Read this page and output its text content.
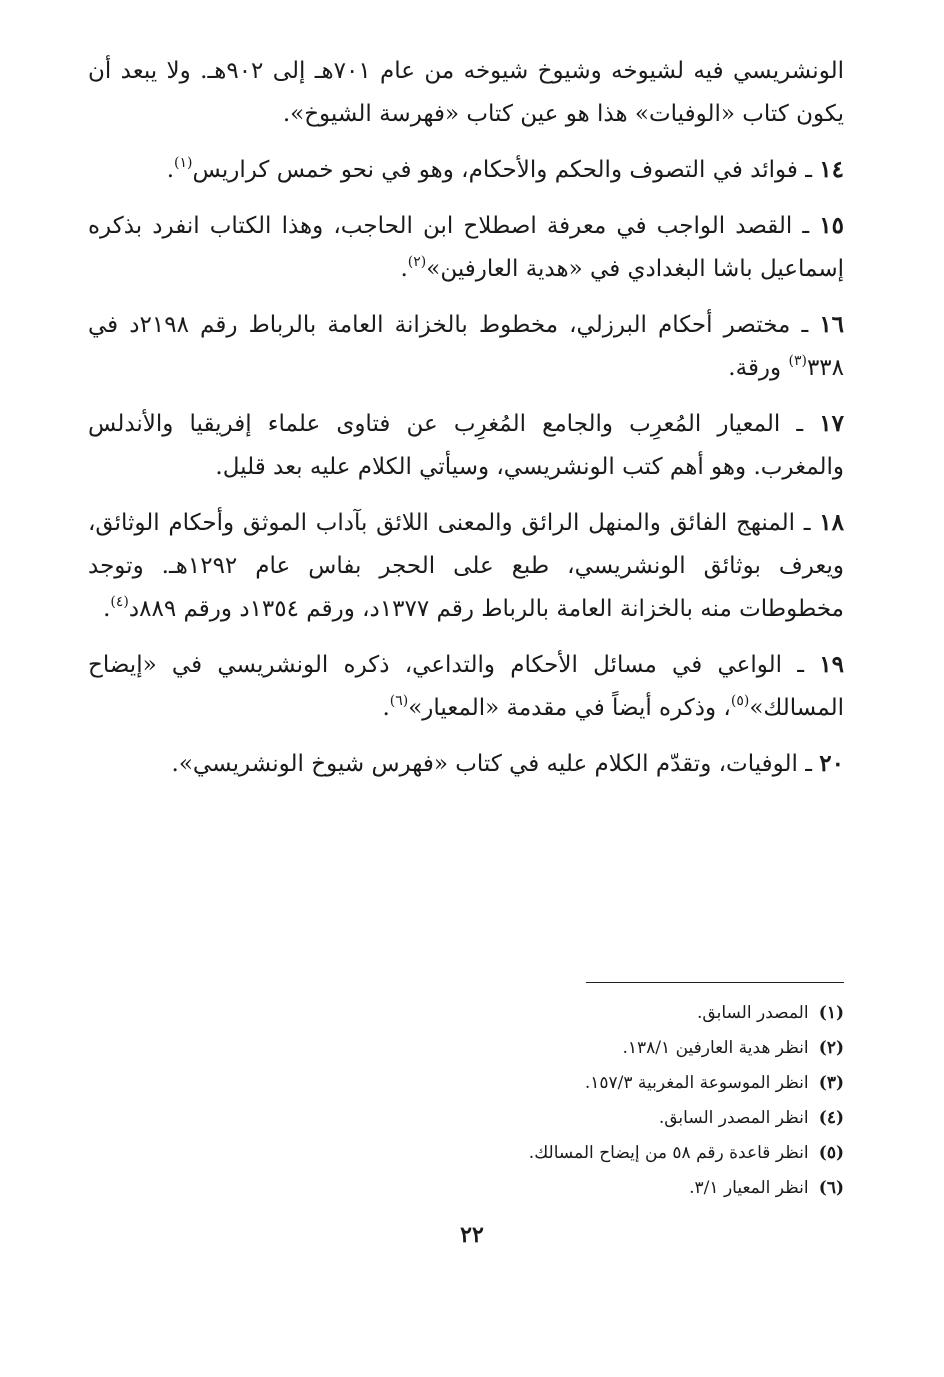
الونشريسي فيه لشيوخه وشيوخ شيوخه من عام ٧٠١هـ إلى ٩٠٢هـ. ولا يبعد أن يكون كتاب «الوفيات» هذا هو عين كتاب «فهرسة الشيوخ».

١٤ ـ فوائد في التصوف والحكم والأحكام، وهو في نحو خمس كراريس$^{(١)}$.

١٥ ـ القصد الواجب في معرفة اصطلاح ابن الحاجب، وهذا الكتاب انفرد بذكره إسماعيل باشا البغدادي في «هدية العارفين»$^{(٢)}$.

١٦ ـ مختصر أحكام البرزلي، مخطوط بالخزانة العامة بالرباط رقم ٢١٩٨د في ٣٣٨$^{(٣)}$ ورقة.

١٧ ـ المعيار المُعرِب والجامع المُغرِب عن فتاوى علماء إفريقيا والأندلس والمغرب. وهو أهم كتب الونشريسي، وسيأتي الكلام عليه بعد قليل.

١٨ ـ المنهج الفائق والمنهل الرائق والمعنى اللائق بآداب الموثق وأحكام الوثائق، ويعرف بوثائق الونشريسي، طبع على الحجر بفاس عام ١٢٩٢هـ. وتوجد مخطوطات منه بالخزانة العامة بالرباط رقم ١٣٧٧د، ورقم ١٣٥٤د ورقم ٨٨٩د$^{(٤)}$.

١٩ ـ الواعي في مسائل الأحكام والتداعي، ذكره الونشريسي في «إيضاح المسالك»$^{(٥)}$، وذكره أيضاً في مقدمة «المعيار»$^{(٦)}$.

٢٠ ـ الوفيات، وتقدّم الكلام عليه في كتاب «فهرس شيوخ الونشريسي».

(١) المصدر السابق.
(٢) انظر هدية العارفين ١٣٨/١.
(٣) انظر الموسوعة المغربية ١٥٧/٣.
(٤) انظر المصدر السابق.
(٥) انظر قاعدة رقم ٥٨ من إيضاح المسالك.
(٦) انظر المعيار ٣/١.
٢٢
